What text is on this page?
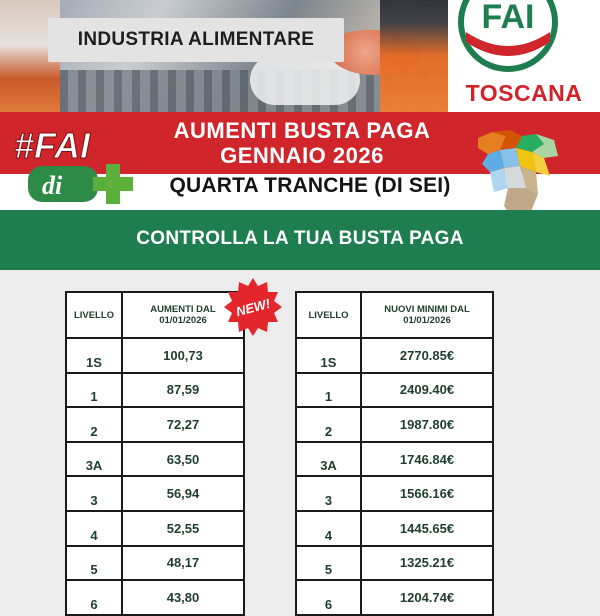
INDUSTRIA ALIMENTARE
FAI
TOSCANA
AUMENTI BUSTA PAGA
GENNAIO 2026
QUARTA TRANCHE (DI SEI)
#FAI
di
CONTROLLA LA TUA BUSTA PAGA
LIVELLO	AUMENTI DAL
01/01/2026
1S	100,73
1	87,59
2	72,27
3A	63,50
3	56,94
4	52,55
5	48,17
6	43,80
LIVELLO	NUOVI MINIMI DAL
01/01/2026
1S	2770.85€
1	2409.40€
2	1987.80€
3A	1746.84€
3	1566.16€
4	1445.65€
5	1325.21€
6	1204.74€
NEW!
